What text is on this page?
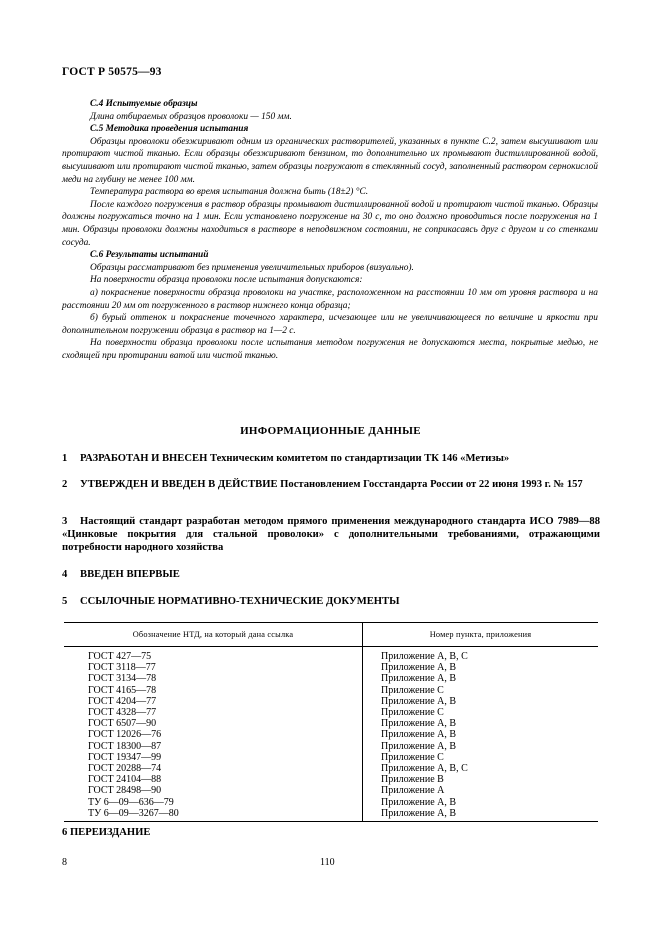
ГОСТ Р 50575—93
С.4 Испытуемые образцы

Длина отбираемых образцов проволоки — 150 мм.

С.5 Методика проведения испытания

Образцы проволоки обезжиривают одним из органических растворителей, указанных в пункте С.2, затем высушивают или протирают чистой тканью. Если образцы обезжиривают бензином, то дополнительно их промывают дистиллированной водой, высушивают или протирают чистой тканью, затем образцы погружают в стеклянный сосуд, заполненный раствором сернокислой меди на глубину не менее 100 мм.

Температура раствора во время испытания должна быть (18±2) °С.

После каждого погружения в раствор образцы промывают дистиллированной водой и протирают чистой тканью. Образцы должны погружаться точно на 1 мин. Если установлено погружение на 30 с, то оно должно проводиться после погружения на 1 мин. Образцы проволоки должны находиться в растворе в неподвижном состоянии, не соприкасаясь друг с другом и со стенками сосуда.

С.6 Результаты испытаний

Образцы рассматривают без применения увеличительных приборов (визуально).

На поверхности образца проволоки после испытания допускаются:

а) покраснение поверхности образца проволоки на участке, расположенном на расстоянии 10 мм от уровня раствора и на расстоянии 20 мм от погруженного в раствор нижнего конца образца;

б) бурый оттенок и покраснение точечного характера, исчезающее или не увеличивающееся по величине и яркости при дополнительном погружении образца в раствор на 1—2 с.

На поверхности образца проволоки после испытания методом погружения не допускаются места, покрытые медью, не сходящей при протирании ватой или чистой тканью.

ИНФОРМАЦИОННЫЕ ДАННЫЕ
1 РАЗРАБОТАН И ВНЕСЕН Техническим комитетом по стандартизации ТК 146 «Метизы»
2 УТВЕРЖДЕН И ВВЕДЕН В ДЕЙСТВИЕ Постановлением Госстандарта России от 22 июня 1993 г. № 157
3 Настоящий стандарт разработан методом прямого применения международного стандарта ИСО 7989—88 «Цинковые покрытия для стальной проволоки» с дополнительными требованиями, отражающими потребности народного хозяйства
4 ВВЕДЕН ВПЕРВЫЕ
5 ССЫЛОЧНЫЕ НОРМАТИВНО-ТЕХНИЧЕСКИЕ ДОКУМЕНТЫ
Обозначение НТД, на который дана ссылка	Номер пункта, приложения
ГОСТ 427—75	Приложение А, В, С
ГОСТ 3118—77	Приложение А, В
ГОСТ 3134—78	Приложение А, В
ГОСТ 4165—78	Приложение С
ГОСТ 4204—77	Приложение А, В
ГОСТ 4328—77	Приложение С
ГОСТ 6507—90	Приложение А, В
ГОСТ 12026—76	Приложение А, В
ГОСТ 18300—87	Приложение А, В
ГОСТ 19347—99	Приложение С
ГОСТ 20288—74	Приложение А, В, С
ГОСТ 24104—88	Приложение В
ГОСТ 28498—90	Приложение А
ТУ 6—09—636—79	Приложение А, В
ТУ 6—09—3267—80	Приложение А, В
6 ПЕРЕИЗДАНИЕ
8	110
